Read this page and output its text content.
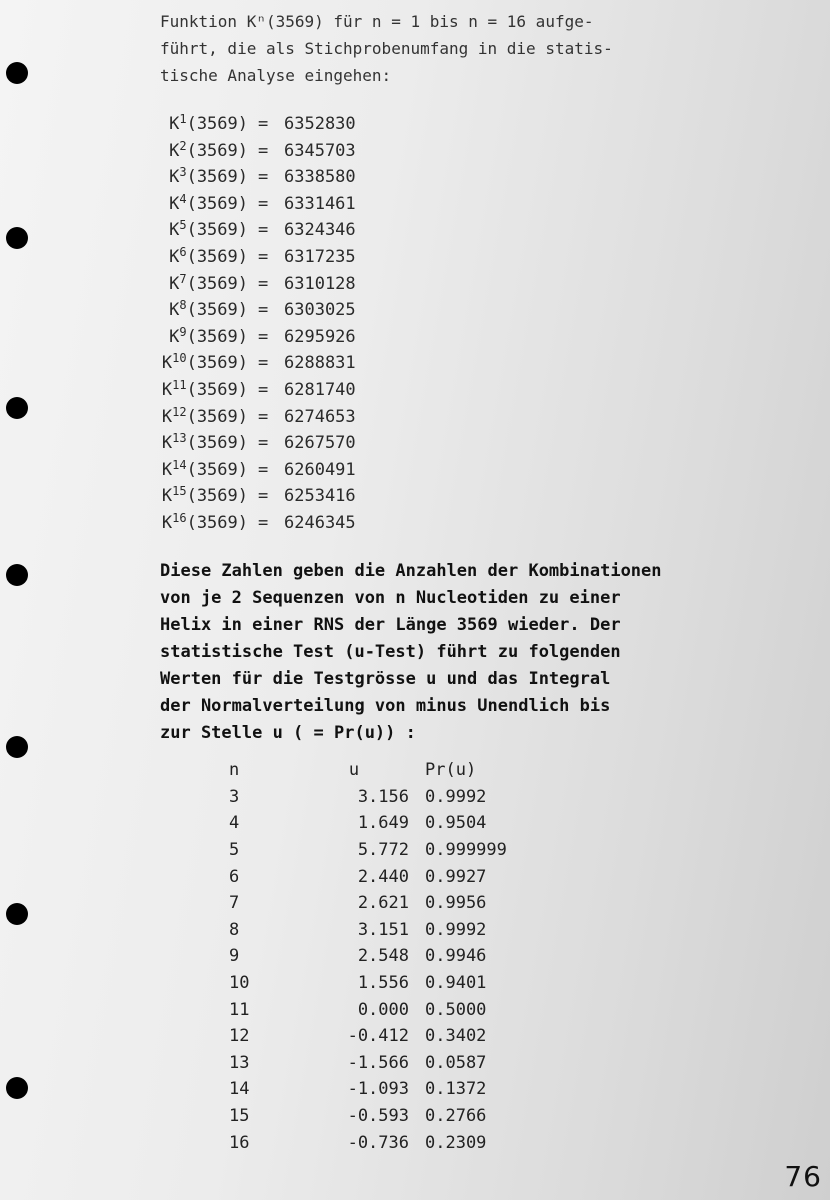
Funktion Kⁿ(3569) für n = 1 bis n = 16 aufge-
führt, die als Stichprobenumfang in die statis-
tische Analyse eingehen:
$K^1(3569) = 6352830$
$K^2(3569) = 6345703$
$K^3(3569) = 6338580$
$K^4(3569) = 6331461$
$K^5(3569) = 6324346$
$K^6(3569) = 6317235$
$K^7(3569) = 6310128$
$K^8(3569) = 6303025$
$K^9(3569) = 6295926$
$K^{10}(3569) = 6288831$
$K^{11}(3569) = 6281740$
$K^{12}(3569) = 6274653$
$K^{13}(3569) = 6267570$
$K^{14}(3569) = 6260491$
$K^{15}(3569) = 6253416$
$K^{16}(3569) = 6246345$
Diese Zahlen geben die Anzahlen der Kombinationen
von je 2 Sequenzen von n Nucleotiden zu einer
Helix in einer RNS der Länge 3569 wieder. Der
statistische Test (u-Test) führt zu folgenden
Werten für die Testgrösse u und das Integral
der Normalverteilung von minus Unendlich bis
zur Stelle u ( = Pr(u)) :
n	u	Pr(u)
3	3.156	0.9992
4	1.649	0.9504
5	5.772	0.999999
6	2.440	0.9927
7	2.621	0.9956
8	3.151	0.9992
9	2.548	0.9946
10	1.556	0.9401
11	0.000	0.5000
12	-0.412	0.3402
13	-1.566	0.0587
14	-1.093	0.1372
15	-0.593	0.2766
16	-0.736	0.2309
76
